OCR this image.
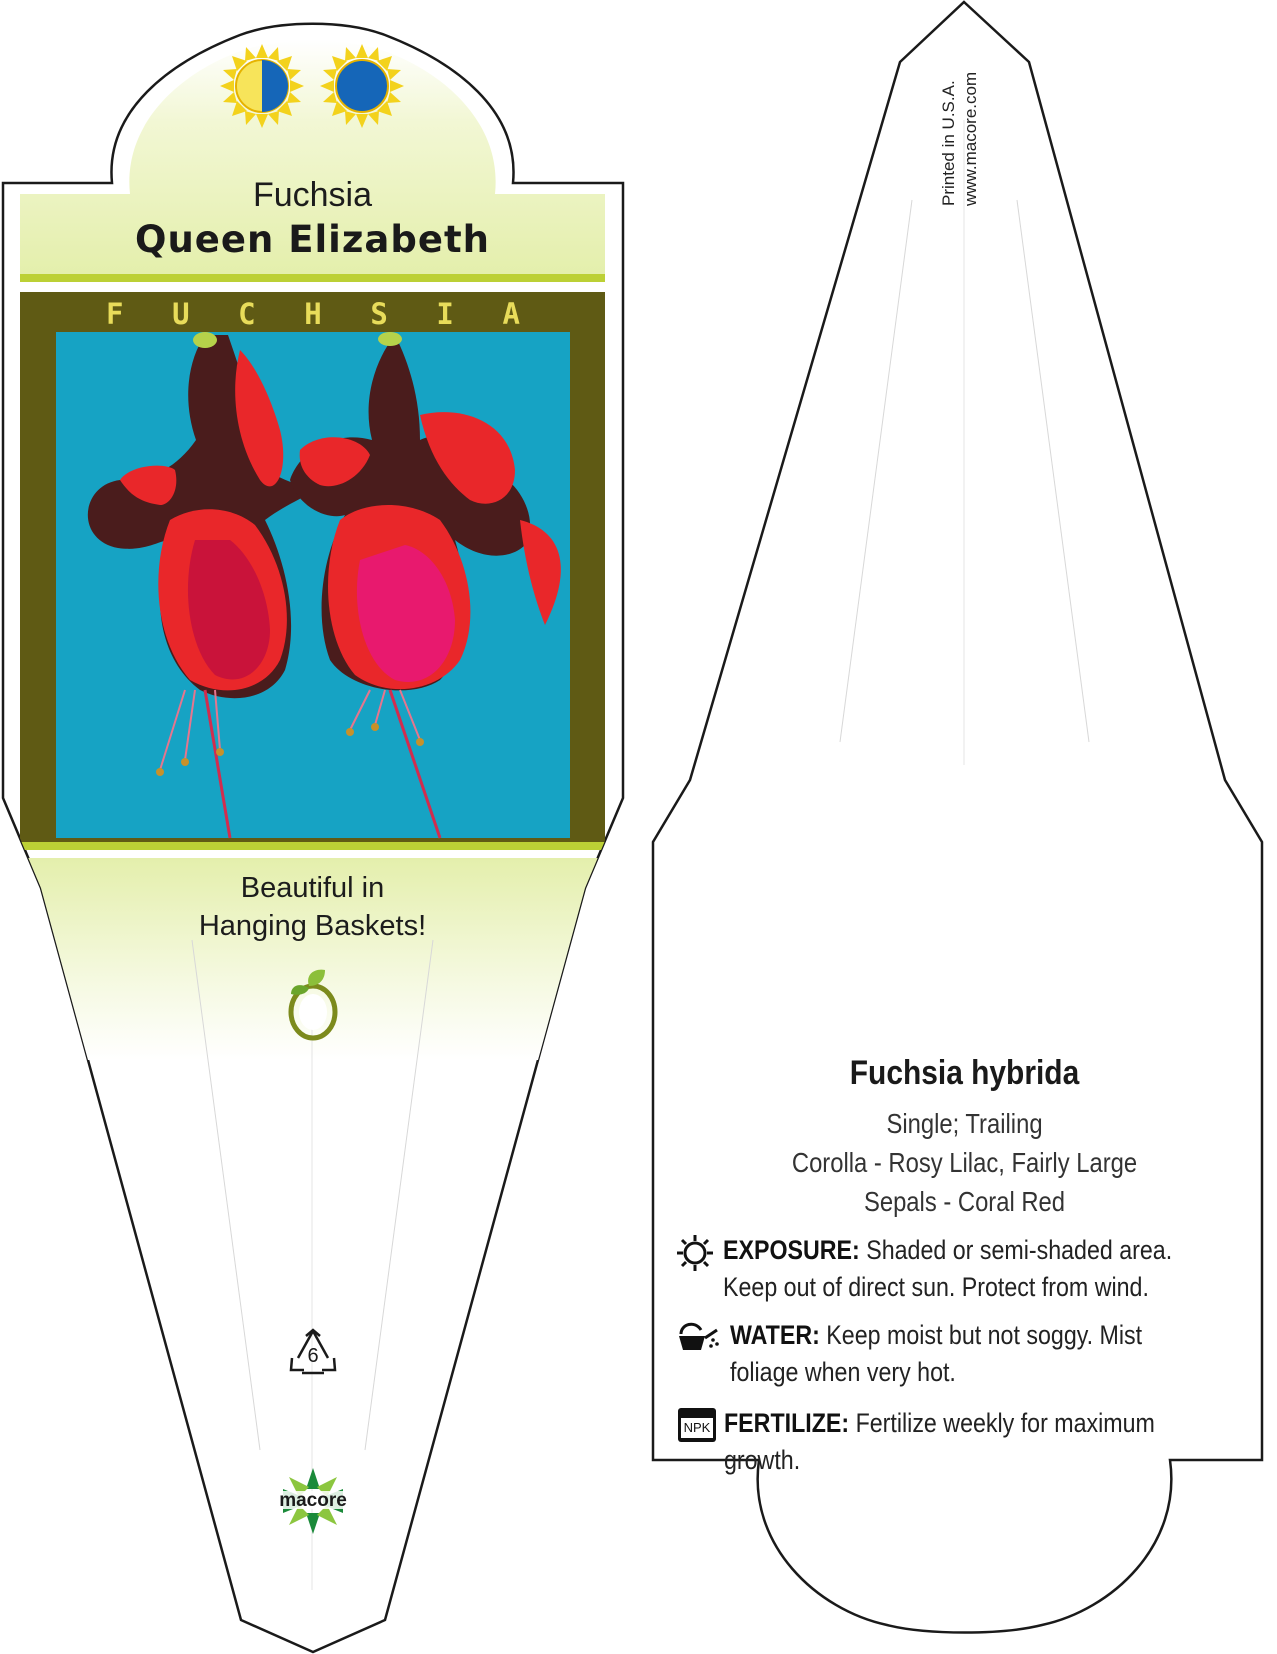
Fuchsia

Queen Elizabeth

F U C H S I A
Beautiful in
Hanging Baskets!
6
macore
Printed in U.S.A. www.macore.com

Fuchsia hybrida

Single; Trailing

Corolla - Rosy Lilac, Fairly Large

Sepals - Coral Red

EXPOSURE: Shaded or semi-shaded area. Keep out of direct sun. Protect from wind.

WATER: Keep moist but not soggy. Mist foliage when very hot.

NPK FERTILIZE: Fertilize weekly for maximum growth.
